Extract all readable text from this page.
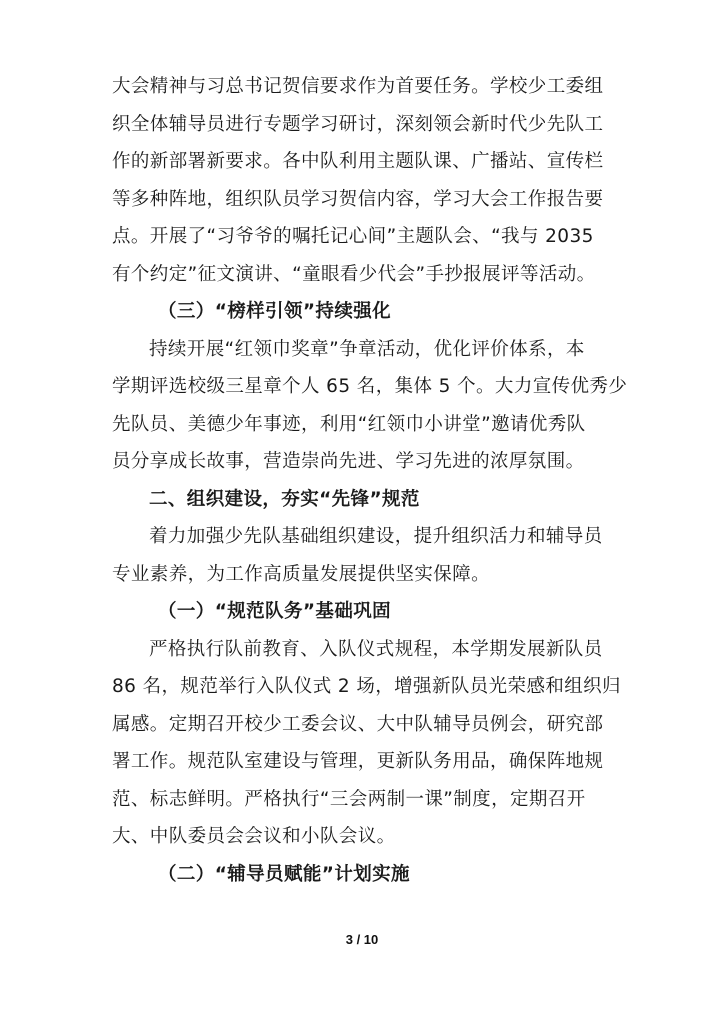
大会精神与习总书记贺信要求作为首要任务。学校少工委组
织全体辅导员进行专题学习研讨，深刻领会新时代少先队工
作的新部署新要求。各中队利用主题队课、广播站、宣传栏
等多种阵地，组织队员学习贺信内容，学习大会工作报告要
点。开展了“习爷爷的嘱托记心间”主题队会、“我与 2035
有个约定”征文演讲、“童眼看少代会”手抄报展评等活动。
（三）“榜样引领”持续强化
持续开展“红领巾奖章”争章活动，优化评价体系，本
学期评选校级三星章个人 65 名，集体 5 个。大力宣传优秀少
先队员、美德少年事迹，利用“红领巾小讲堂”邀请优秀队
员分享成长故事，营造崇尚先进、学习先进的浓厚氛围。
二、组织建设，夯实“先锋”规范
着力加强少先队基础组织建设，提升组织活力和辅导员
专业素养，为工作高质量发展提供坚实保障。
（一）“规范队务”基础巩固
严格执行队前教育、入队仪式规程，本学期发展新队员
86 名，规范举行入队仪式 2 场，增强新队员光荣感和组织归
属感。定期召开校少工委会议、大中队辅导员例会，研究部
署工作。规范队室建设与管理，更新队务用品，确保阵地规
范、标志鲜明。严格执行“三会两制一课”制度，定期召开
大、中队委员会会议和小队会议。
（二）“辅导员赋能”计划实施
3 / 10
